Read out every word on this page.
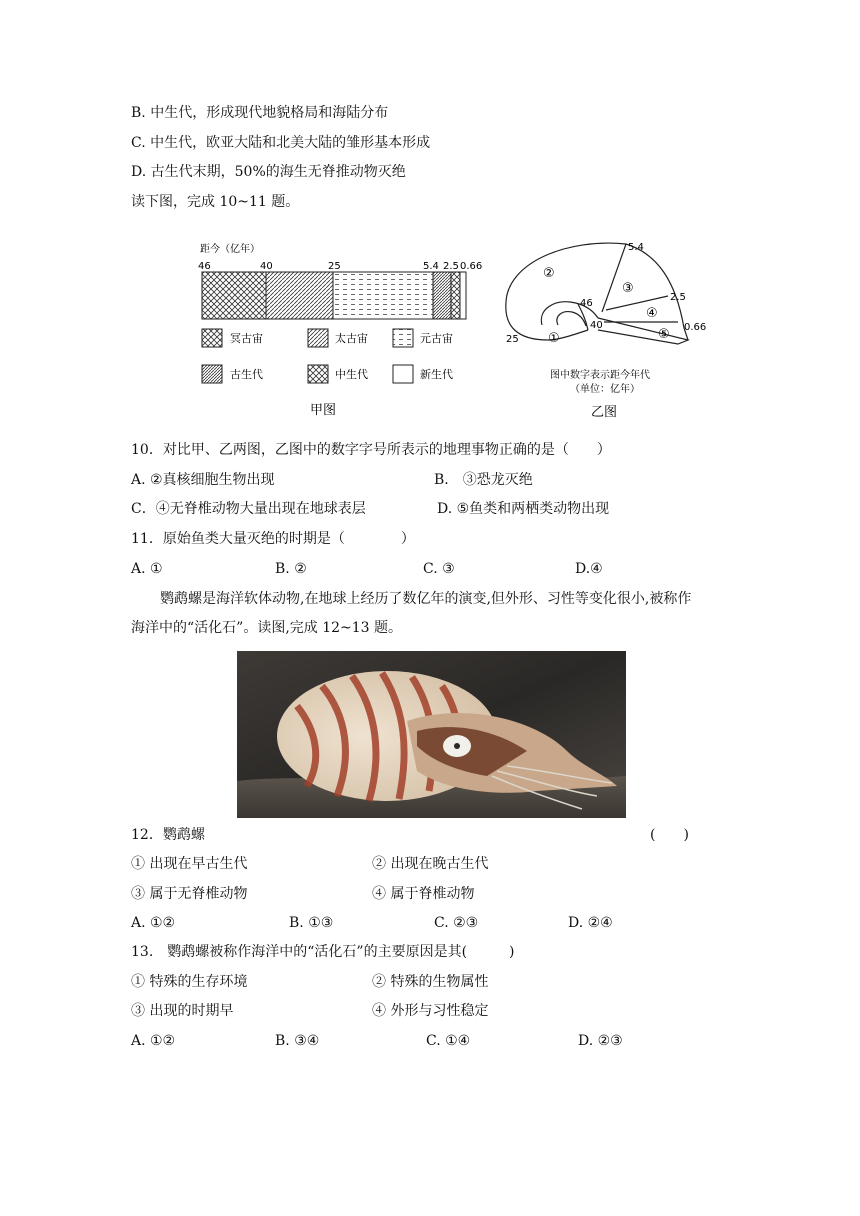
B. 中生代，形成现代地貌格局和海陆分布
C. 中生代，欧亚大陆和北美大陆的雏形基本形成
D. 古生代末期，50%的海生无脊推动物灭绝
读下图，完成 10~11 题。
距今（亿年）
46	40	25	5.4 2.5 0.66
冥古宙	太古宙	元古宙
古生代	中生代	新生代
甲图
5.4
2.5
0.66
46
40
25 ①
②
③
④
⑤
图中数字表示距今年代
（单位：亿年）
乙图
10．对比甲、乙两图，乙图中的数字字号所表示的地理事物正确的是（　　）
A. ②真核细胞生物出现	B.　③恐龙灭绝
C．④无脊椎动物大量出现在地球表层	D. ⑤鱼类和两栖类动物出现
11．原始鱼类大量灭绝的时期是（　　　　）
A. ①	B. ②	C. ③	D.④
鹦鹉螺是海洋软体动物,在地球上经历了数亿年的演变,但外形、习性等变化很小,被称作
海洋中的“活化石”。读图,完成 12~13 题。
12．鹦鹉螺	(　　)
① 出现在早古生代	② 出现在晚古生代
③ 属于无脊椎动物	④ 属于脊椎动物
A. ①②	B. ①③	C. ②③	D. ②④
13.　鹦鹉螺被称作海洋中的“活化石”的主要原因是其(　　　)
① 特殊的生存环境	② 特殊的生物属性
③ 出现的时期早	④ 外形与习性稳定
A. ①②	B. ③④	C. ①④	D. ②③
